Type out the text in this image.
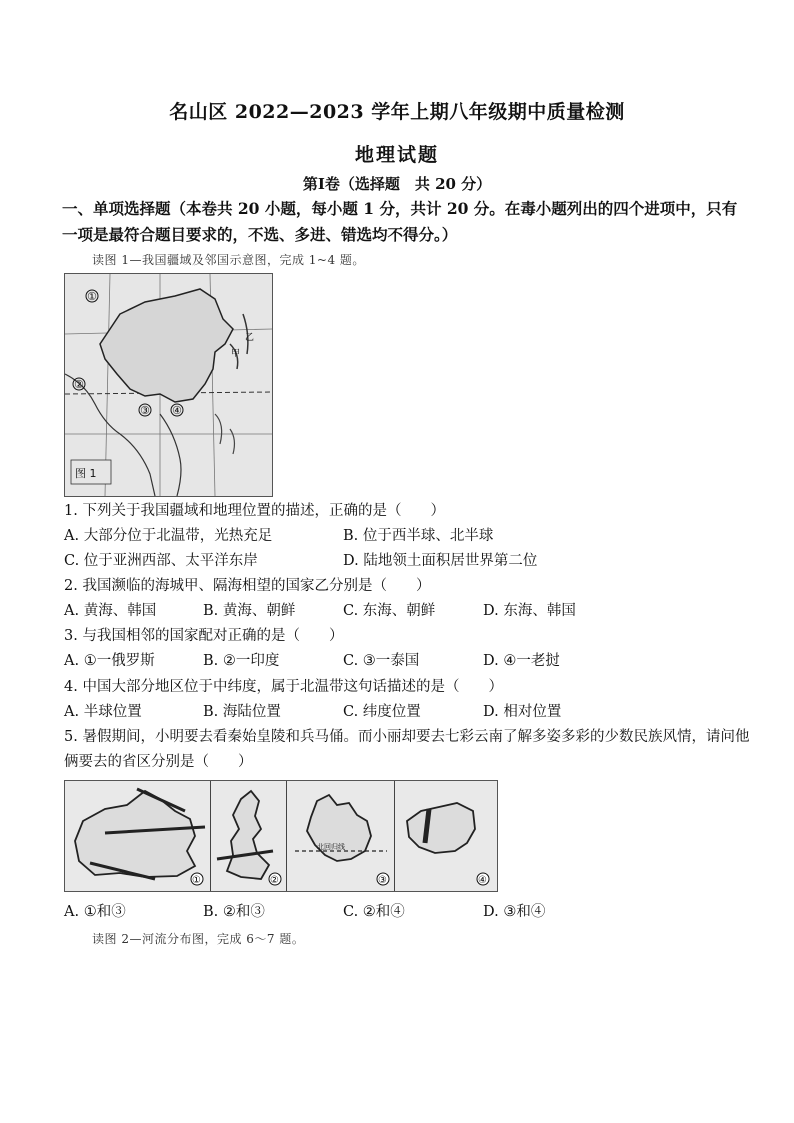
名山区 2022—2023 学年上期八年级期中质量检测
地理试题
第Ⅰ卷（选择题　共 20 分）
一、单项选择题（本卷共 20 小题，每小题 1 分，共计 20 分。在毒小题列出的四个进项中，只有一项是最符合题目要求的，不选、多进、错选均不得分。）
读图 1—我国疆域及邻国示意图，完成 1~4 题。
①
②
③ ④
甲
乙
图 1
1. 下列关于我国疆域和地理位置的描述，正确的是（　　）
A. 大部分位于北温带，光热充足	B. 位于西半球、北半球
C. 位于亚洲西部、太平洋东岸	D. 陆地领土面积居世界第二位
2. 我国濒临的海城甲、隔海相望的国家乙分别是（　　）
A. 黄海、韩国	B. 黄海、朝鲜	C. 东海、朝鲜	D. 东海、韩国
3. 与我国相邻的国家配对正确的是（　　）
A. ①一俄罗斯	B. ②一印度	C. ③一泰国	D. ④一老挝
4. 中国大部分地区位于中纬度，属于北温带这句话描述的是（　　）
A. 半球位置	B. 海陆位置	C. 纬度位置	D. 相对位置
5. 暑假期间，小明要去看秦始皇陵和兵马俑。而小丽却要去七彩云南了解多姿多彩的少数民族风情，请问他
俩要去的省区分别是（　　）
①	②
北回归线
③	④
A. ①和③	B. ②和③	C. ②和④	D. ③和④
读图 2—河流分布图，完成 6～7 题。
